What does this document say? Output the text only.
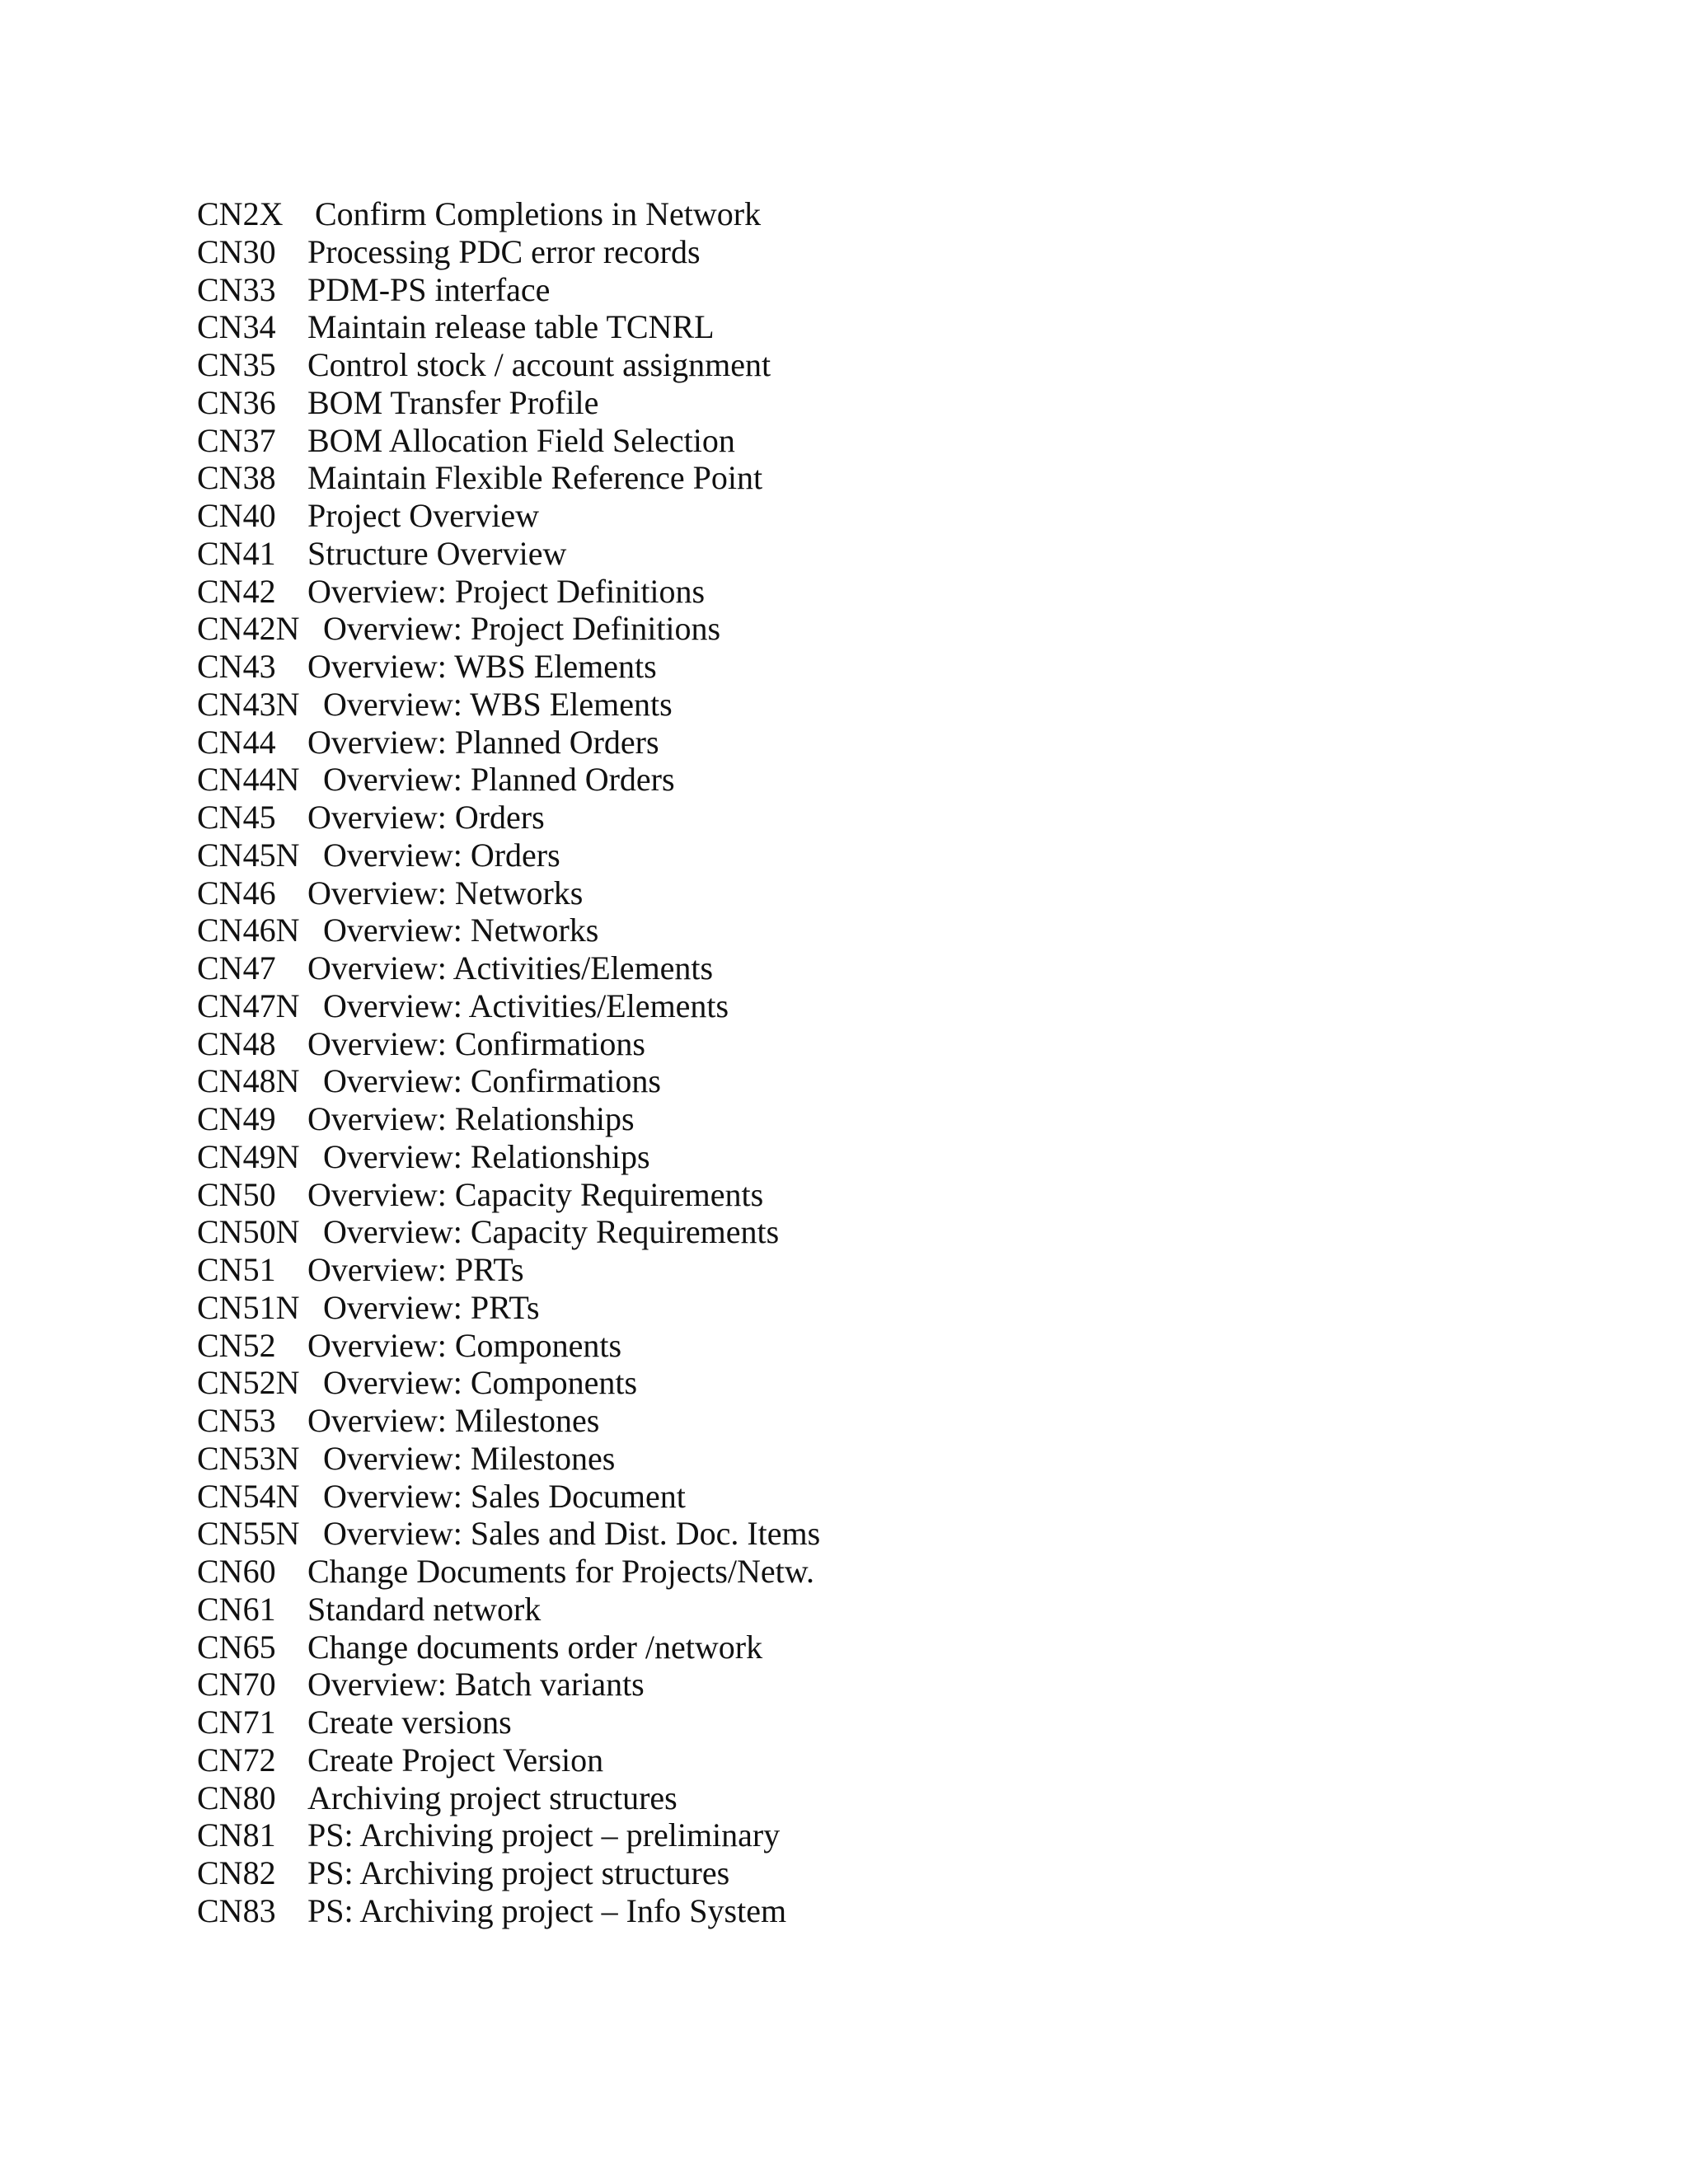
CN2X Confirm Completions in Network
CN30 Processing PDC error records
CN33 PDM-PS interface
CN34 Maintain release table TCNRL
CN35 Control stock / account assignment
CN36 BOM Transfer Profile
CN37 BOM Allocation Field Selection
CN38 Maintain Flexible Reference Point
CN40 Project Overview
CN41 Structure Overview
CN42 Overview: Project Definitions
CN42N Overview: Project Definitions
CN43 Overview: WBS Elements
CN43N Overview: WBS Elements
CN44 Overview: Planned Orders
CN44N Overview: Planned Orders
CN45 Overview: Orders
CN45N Overview: Orders
CN46 Overview: Networks
CN46N Overview: Networks
CN47 Overview: Activities/Elements
CN47N Overview: Activities/Elements
CN48 Overview: Confirmations
CN48N Overview: Confirmations
CN49 Overview: Relationships
CN49N Overview: Relationships
CN50 Overview: Capacity Requirements
CN50N Overview: Capacity Requirements
CN51 Overview: PRTs
CN51N Overview: PRTs
CN52 Overview: Components
CN52N Overview: Components
CN53 Overview: Milestones
CN53N Overview: Milestones
CN54N Overview: Sales Document
CN55N Overview: Sales and Dist. Doc. Items
CN60 Change Documents for Projects/Netw.
CN61 Standard network
CN65 Change documents order /network
CN70 Overview: Batch variants
CN71 Create versions
CN72 Create Project Version
CN80 Archiving project structures
CN81 PS: Archiving project – preliminary
CN82 PS: Archiving project structures
CN83 PS: Archiving project – Info System
